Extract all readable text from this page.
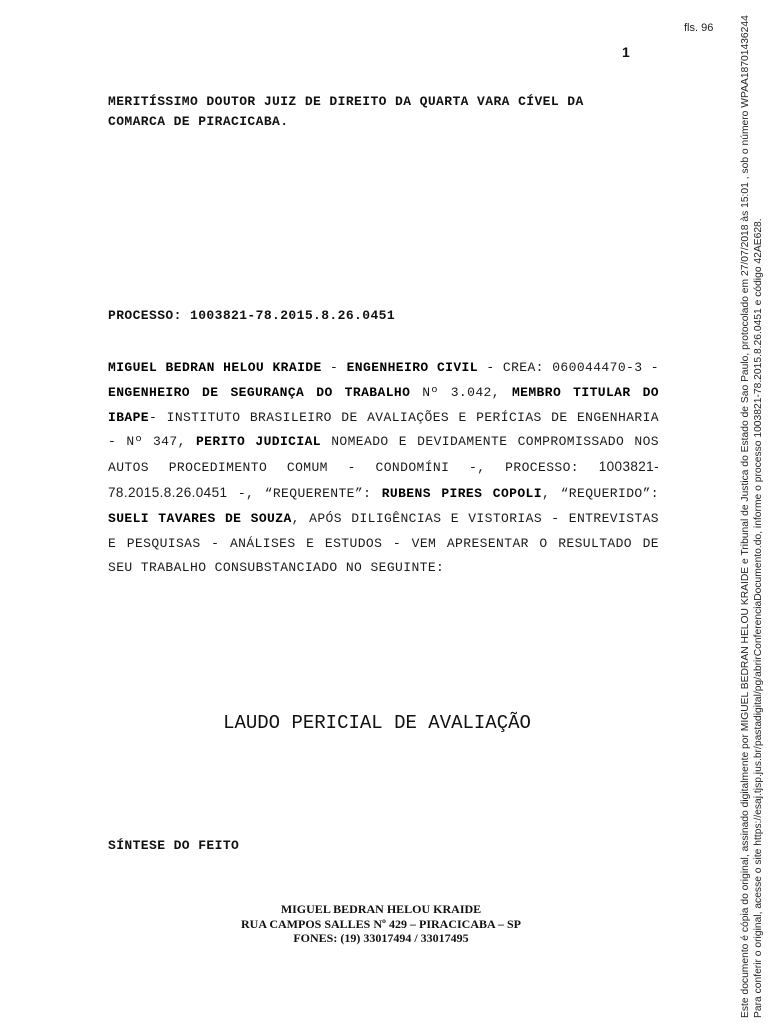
fls. 96
1
MERITÍSSIMO DOUTOR JUIZ DE DIREITO DA QUARTA VARA CÍVEL DA
COMARCA DE PIRACICABA.
PROCESSO: 1003821-78.2015.8.26.0451
MIGUEL BEDRAN HELOU KRAIDE - ENGENHEIRO CIVIL - CREA: 060044470-3 - ENGENHEIRO DE SEGURANÇA DO TRABALHO Nº 3.042, MEMBRO TITULAR DO IBAPE- INSTITUTO BRASILEIRO DE AVALIAÇÕES E PERÍCIAS DE ENGENHARIA - Nº 347, PERITO JUDICIAL NOMEADO E DEVIDAMENTE COMPROMISSADO NOS AUTOS PROCEDIMENTO COMUM - CONDOMÍNI -, PROCESSO: 1003821-78.2015.8.26.0451 -, “REQUERENTE”: RUBENS PIRES COPOLI, “REQUERIDO”: SUELI TAVARES DE SOUZA, APÓS DILIGÊNCIAS E VISTORIAS - ENTREVISTAS E PESQUISAS - ANÁLISES E ESTUDOS - VEM APRESENTAR O RESULTADO DE SEU TRABALHO CONSUBSTANCIADO NO SEGUINTE:
LAUDO PERICIAL DE AVALIAÇÃO
SÍNTESE DO FEITO
MIGUEL BEDRAN HELOU KRAIDE
RUA CAMPOS SALLES Nº 429 – PIRACICABA – SP
FONES: (19) 33017494 / 33017495	Este documento é cópia do original, assinado digitalmente por MIGUEL BEDRAN HELOU KRAIDE e Tribunal de Justica do Estado de Sao Paulo, protocolado em 27/07/2018 às 15:01 , sob o número WPAA18701436244 Para conferir o original, acesse o site https://esaj.tjsp.jus.br/pastadigital/pg/abrirConferenciaDocumento.do, informe o processo 1003821-78.2015.8.26.0451 e código 42AE628.
